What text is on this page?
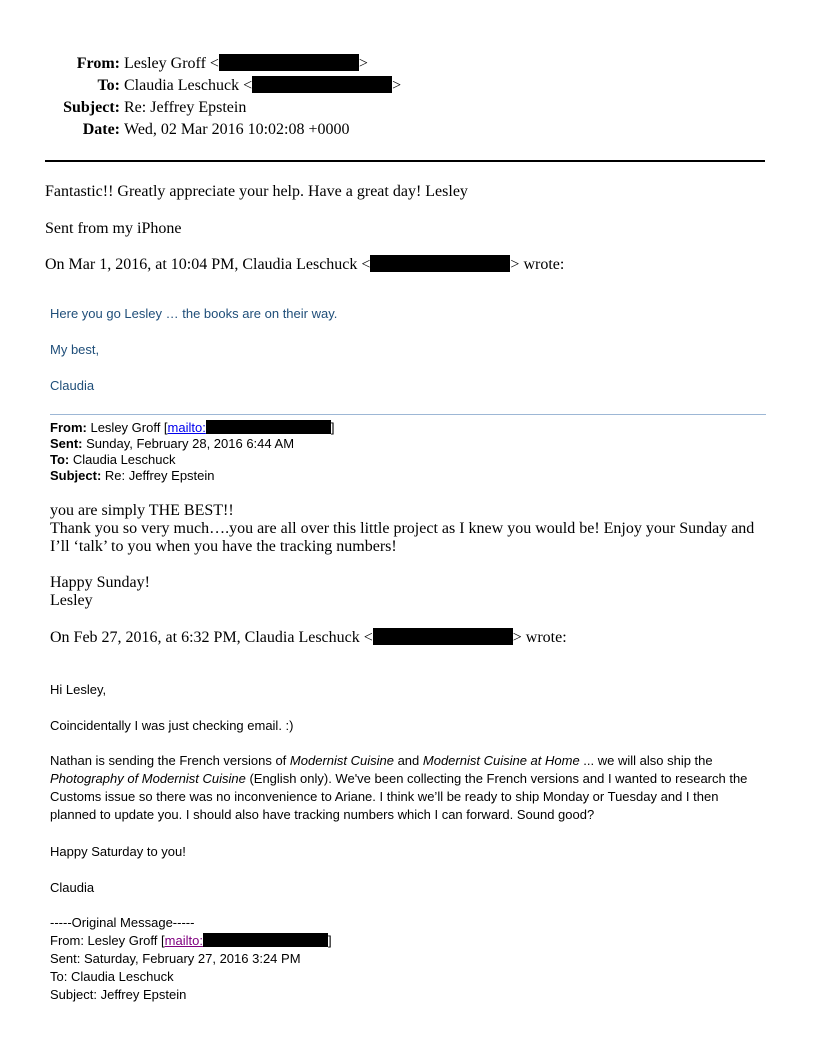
From: Lesley Groff <	>
To: Claudia Leschuck <	>
Subject: Re: Jeffrey Epstein
Date: Wed, 02 Mar 2016 10:02:08 +0000
Fantastic!! Greatly appreciate your help. Have a great day! Lesley
Sent from my iPhone
On Mar 1, 2016, at 10:04 PM, Claudia Leschuck <	> wrote:
Here you go Lesley … the books are on their way.
My best,
Claudia
From: Lesley Groff [mailto:	]
Sent: Sunday, February 28, 2016 6:44 AM
To: Claudia Leschuck
Subject: Re: Jeffrey Epstein
you are simply THE BEST!!
Thank you so very much….you are all over this little project as I knew you would be! Enjoy your Sunday and I’ll ‘talk’ to you when you have the tracking numbers!
Happy Sunday!
Lesley
On Feb 27, 2016, at 6:32 PM, Claudia Leschuck <	> wrote:
Hi Lesley,
Coincidentally I was just checking email. :)
Nathan is sending the French versions of Modernist Cuisine and Modernist Cuisine at Home ... we will also ship the Photography of Modernist Cuisine (English only). We've been collecting the French versions and I wanted to research the Customs issue so there was no inconvenience to Ariane. I think we’ll be ready to ship Monday or Tuesday and I then planned to update you. I should also have tracking numbers which I can forward. Sound good?
Happy Saturday to you!
Claudia
-----Original Message-----
From: Lesley Groff [mailto:	]
Sent: Saturday, February 27, 2016 3:24 PM
To: Claudia Leschuck
Subject: Jeffrey Epstein
